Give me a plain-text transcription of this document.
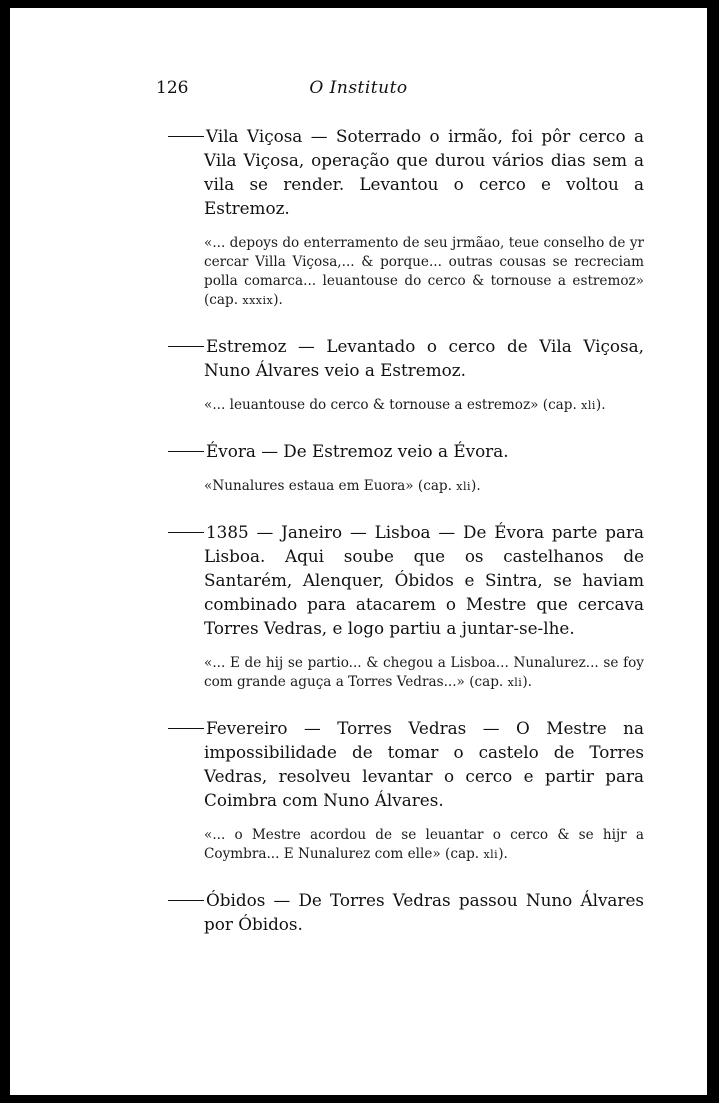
126	O Instituto

Vila Viçosa — Soterrado o irmão, foi pôr cerco a Vila Viçosa, operação que durou vários dias sem a vila se render. Levantou o cerco e voltou a Estremoz.

«... depoys do enterramento de seu jrmãao, teue conselho de yr cercar Villa Viçosa,... & porque... outras cousas se recreciam polla comarca... leuantouse do cerco & tornouse a estremoz» (cap. xxxix).

Estremoz — Levantado o cerco de Vila Viçosa, Nuno Álvares veio a Estremoz.

«... leuantouse do cerco & tornouse a estremoz» (cap. xli).

Évora — De Estremoz veio a Évora.

«Nunalures estaua em Euora» (cap. xli).

1385 — Janeiro — Lisboa — De Évora parte para Lisboa. Aqui soube que os castelhanos de Santarém, Alenquer, Óbidos e Sintra, se haviam combinado para atacarem o Mestre que cercava Torres Vedras, e logo partiu a juntar-se-lhe.

«... E de hij se partio... & chegou a Lisboa... Nunalurez... se foy com grande aguça a Torres Vedras...» (cap. xli).

Fevereiro — Torres Vedras — O Mestre na impossibilidade de tomar o castelo de Torres Vedras, resolveu levantar o cerco e partir para Coimbra com Nuno Álvares.

«... o Mestre acordou de se leuantar o cerco & se hijr a Coymbra... E Nunalurez com elle» (cap. xli).

Óbidos — De Torres Vedras passou Nuno Álvares por Óbidos.
